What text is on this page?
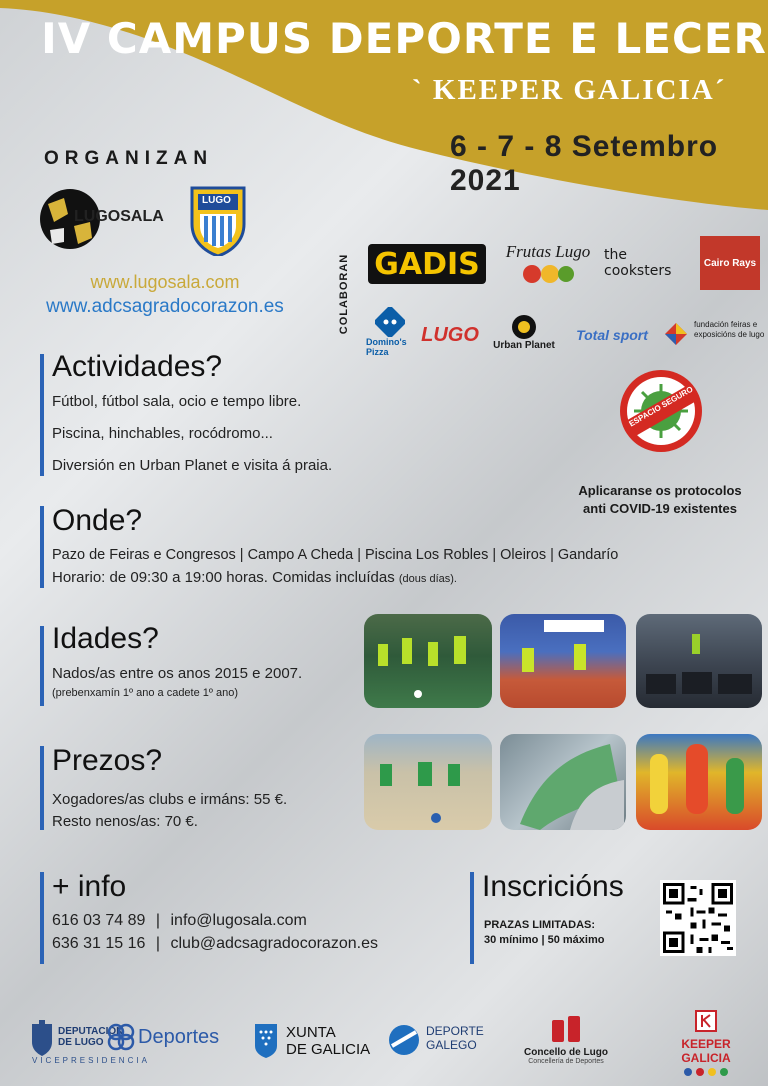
IV CAMPUS DEPORTE E LECER
` KEEPER GALICIA´
6 - 7 - 8 Setembro 2021
ORGANIZAN
LUGOSALA
LUGO
www.lugosala.com
www.adcsagradocorazon.es	COLABORAN GADIS Frutas Lugo the cooksters	Cairo Rays
Domino's Pizza
LUGO Urban Planet
Total sport
fundación feiras e exposicións de lugo
Actividades?
Fútbol, fútbol sala, ocio e tempo libre.
Piscina, hinchables, rocódromo...
Diversión en Urban Planet e visita á praia.
ESPACIO SEGURO
Aplicaranse os protocolos
anti COVID-19 existentes
Onde?
Pazo de Feiras e Congresos | Campo A Cheda | Piscina Los Robles | Oleiros | Gandarío
Horario: de 09:30 a 19:00 horas. Comidas incluídas (dous días).
Idades?
Nados/as entre os anos 2015 e 2007.
(prebenxamín 1º ano a cadete 1º ano)
Prezos?
Xogadores/as clubs e irmáns: 55 €.
Resto nenos/as: 70 €.
+ info
616 03 74 89 | info@lugosala.com
636 31 15 16 | club@adcsagradocorazon.es
Inscricións
PRAZAS LIMITADAS:
30 mínimo | 50 máximo
DEPUTACIÓN
DE LUGO	Deportes
VICEPRESIDENCIA
XUNTA
DE GALICIA
DEPORTE
GALEGO
Concello de Lugo
Concellería de Deportes
KEEPER GALICIA
